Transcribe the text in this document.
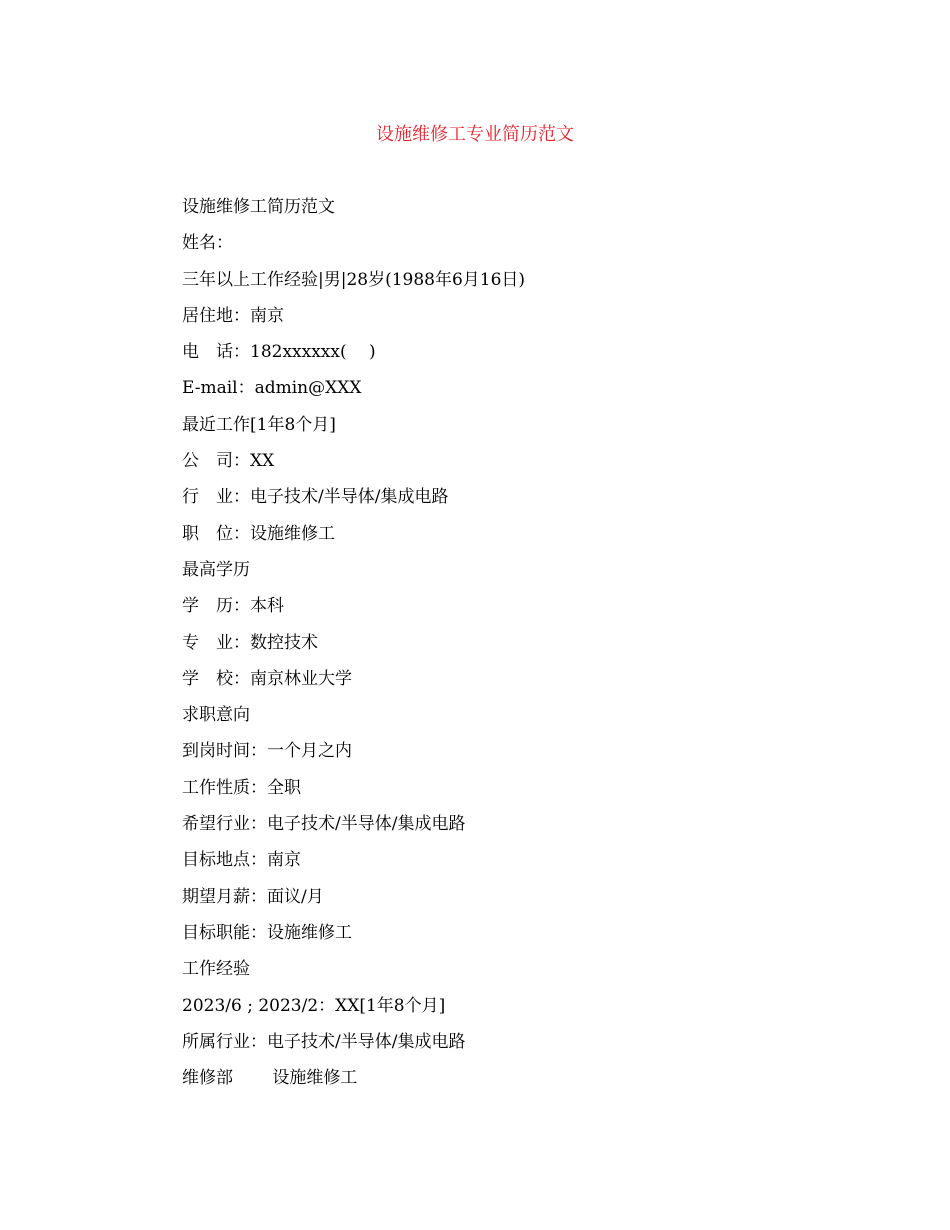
设施维修工专业简历范文
设施维修工简历范文
姓名：
三年以上工作经验|男|28岁(1988年6月16日)
居住地：南京
电　话：182xxxxxx(　 )
E-mail：admin@XXX
最近工作[1年8个月]
公　司：XX
行　业：电子技术/半导体/集成电路
职　位：设施维修工
最高学历
学　历：本科
专　业：数控技术
学　校：南京林业大学
求职意向
到岗时间：一个月之内
工作性质：全职
希望行业：电子技术/半导体/集成电路
目标地点：南京
期望月薪：面议/月
目标职能：设施维修工
工作经验
2023/6 ; 2023/2：XX[1年8个月]
所属行业：电子技术/半导体/集成电路
维修部　　 设施维修工
